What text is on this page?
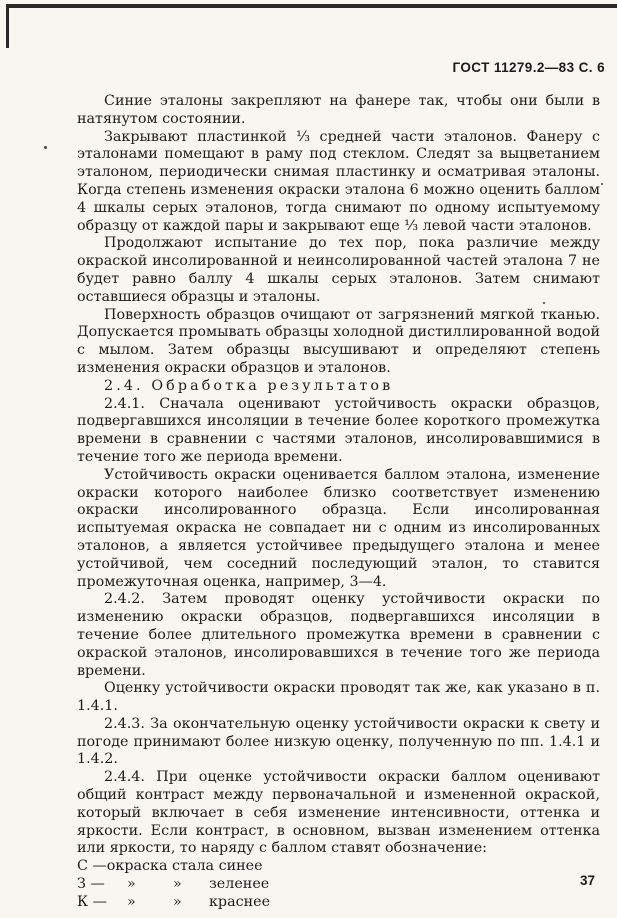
ГОСТ 11279.2—83 С. 6

Синие эталоны закрепляют на фанере так, чтобы они были в натянутом состоянии.

Закрывают пластинкой ⅓ средней части эталонов. Фанеру с эталонами помещают в раму под стеклом. Следят за выцветанием эталоном, периодически снимая пластинку и осматривая эталоны. Когда степень изменения окраски эталона 6 можно оценить баллом 4 шкалы серых эталонов, тогда снимают по одному испытуемому образцу от каждой пары и закрывают еще ⅓ левой части эталонов.

Продолжают испытание до тех пор, пока различие между окраской инсолированной и неинсолированной частей эталона 7 не будет равно баллу 4 шкалы серых эталонов. Затем снимают оставшиеся образцы и эталоны.

Поверхность образцов очищают от загрязнений мягкой тканью. Допускается промывать образцы холодной дистиллированной водой с мылом. Затем образцы высушивают и определяют степень изменения окраски образцов и эталонов.

2.4. Обработка результатов

2.4.1. Сначала оценивают устойчивость окраски образцов, подвергавшихся инсоляции в течение более короткого промежутка времени в сравнении с частями эталонов, инсолировавшимися в течение того же периода времени.

Устойчивость окраски оценивается баллом эталона, изменение окраски которого наиболее близко соответствует изменению окраски инсолированного образца. Если инсолированная испытуемая окраска не совпадает ни с одним из инсолированных эталонов, а является устойчивее предыдущего эталона и менее устойчивой, чем соседний последующий эталон, то ставится промежуточная оценка, например, 3—4.

2.4.2. Затем проводят оценку устойчивости окраски по изменению окраски образцов, подвергавшихся инсоляции в течение более длительного промежутка времени в сравнении с окраской эталонов, инсолировавшихся в течение того же периода времени.

Оценку устойчивости окраски проводят так же, как указано в п. 1.4.1.

2.4.3. За окончательную оценку устойчивости окраски к свету и погоде принимают более низкую оценку, полученную по пп. 1.4.1 и 1.4.2.

2.4.4. При оценке устойчивости окраски баллом оценивают общий контраст между первоначальной и измененной окраской, который включает в себя изменение интенсивности, оттенка и яркости. Если контраст, в основном, вызван изменением оттенка или яркости, то наряду с баллом ставят обозначение:

С —окраска стала синее
З —	»	»	зеленее
К —	»	»	краснее
37
